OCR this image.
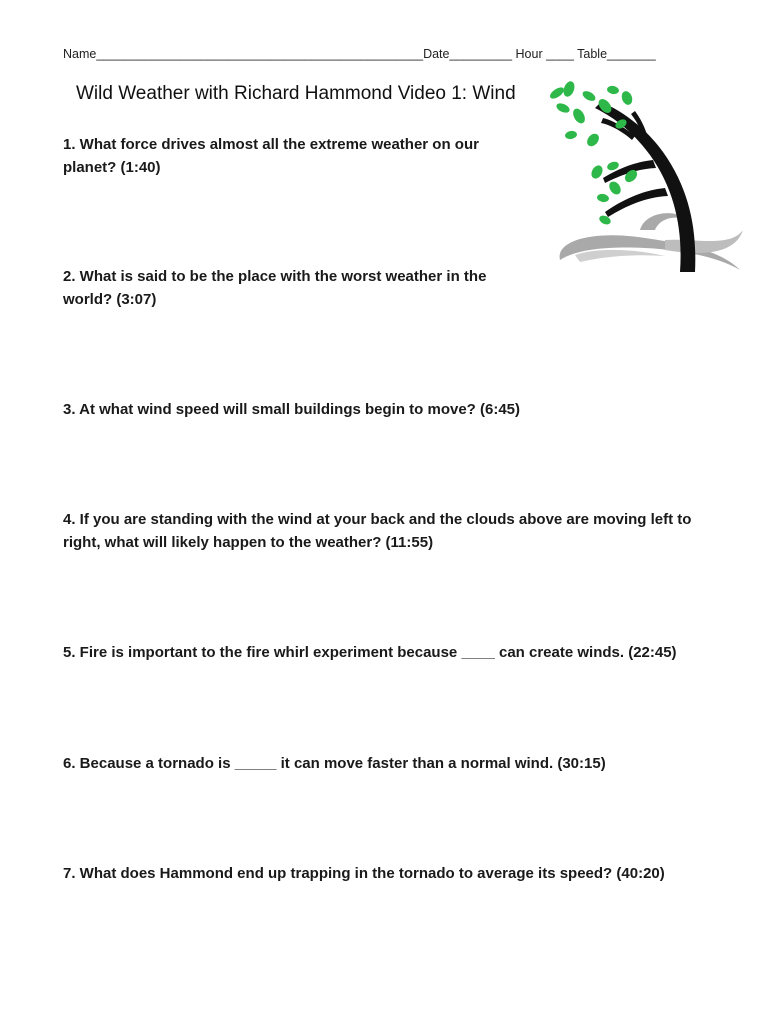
Name_______________________________________________Date_________ Hour ____ Table_______
Wild Weather with Richard Hammond Video 1: Wind

1. What force drives almost all the extreme weather on our planet? (1:40)

2. What is said to be the place with the worst weather in the world? (3:07)

3. At what wind speed will small buildings begin to move? (6:45)

4. If you are standing with the wind at your back and the clouds above are moving left to right, what will likely happen to the weather? (11:55)

5. Fire is important to the fire whirl experiment because ____ can create winds. (22:45)

6. Because a tornado is _____ it can move faster than a normal wind. (30:15)

7. What does Hammond end up trapping in the tornado to average its speed? (40:20)
